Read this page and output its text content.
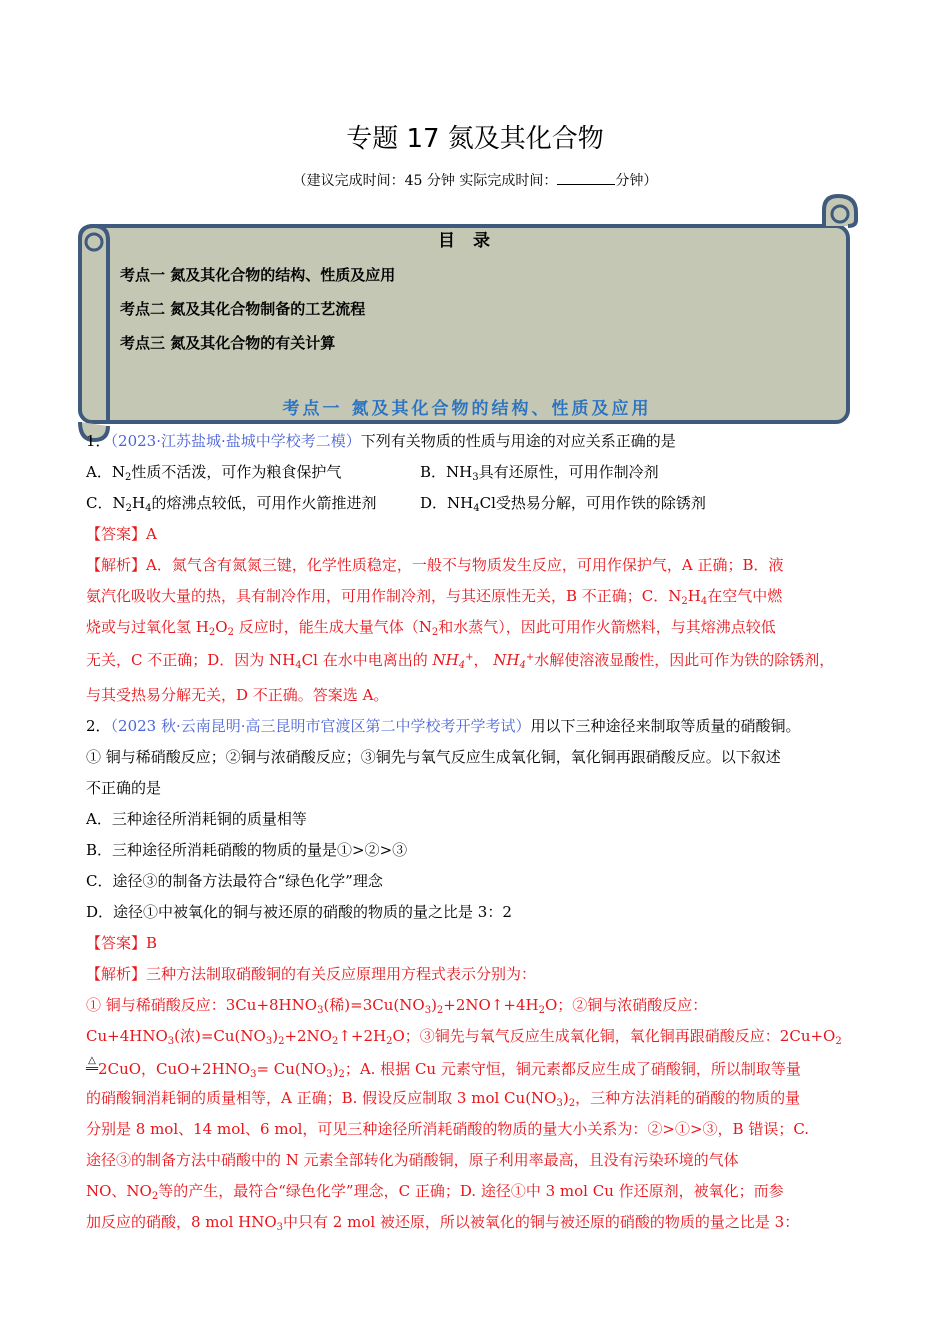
专题 17 氮及其化合物
（建议完成时间：45 分钟 实际完成时间：	分钟）
目 录
考点一 氮及其化合物的结构、性质及应用
考点二 氮及其化合物制备的工艺流程
考点三 氮及其化合物的有关计算
考点一 氮及其化合物的结构、性质及应用
1．（2023·江苏盐城·盐城中学校考二模）下列有关物质的性质与用途的对应关系正确的是
A．$N_2$性质不活泼，可作为粮食保护气	B．$NH_3$具有还原性，可用作制冷剂
C．$N_2H_4$的熔沸点较低，可用作火箭推进剂	D．$NH_4Cl$受热易分解，可用作铁的除锈剂
【答案】A
【解析】A．氮气含有氮氮三键，化学性质稳定，一般不与物质发生反应，可用作保护气，A 正确；B．液
氨汽化吸收大量的热，具有制冷作用，可用作制冷剂，与其还原性无关，B 不正确；C．$N_2H_4$在空气中燃
烧或与过氧化氢 $H_2O_2$ 反应时，能生成大量气体（$N_2$和水蒸气），因此可用作火箭燃料，与其熔沸点较低
无关，C 不正确；D．因为 $NH_4Cl$ 在水中电离出的 $NH_4^+$， $NH_4^+$水解使溶液显酸性，因此可作为铁的除锈剂，
与其受热易分解无关，D 不正确。答案选 A。
2．（2023 秋·云南昆明·高三昆明市官渡区第二中学校考开学考试）用以下三种途径来制取等质量的硝酸铜。
① 铜与稀硝酸反应；②铜与浓硝酸反应；③铜先与氧气反应生成氧化铜，氧化铜再跟硝酸反应。以下叙述
不正确的是
A．三种途径所消耗铜的质量相等
B．三种途径所消耗硝酸的物质的量是①>②>③
C．途径③的制备方法最符合“绿色化学”理念
D．途径①中被氧化的铜与被还原的硝酸的物质的量之比是 3：2
【答案】B
【解析】三种方法制取硝酸铜的有关反应原理用方程式表示分别为：
① 铜与稀硝酸反应：$3Cu+8HNO_3$(稀)$=3Cu(NO_3)_2+2NO↑+4H_2O$；②铜与浓硝酸反应：
$Cu+4HNO_3$(浓)$=Cu(NO_3)_2+2NO_2↑+2H_2O$；③铜先与氧气反应生成氧化铜，氧化铜再跟硝酸反应：$2Cu+O_2$
△
══ 2CuO，$CuO+2HNO_3= Cu(NO_3)_2$；A. 根据 Cu 元素守恒，铜元素都反应生成了硝酸铜，所以制取等量
的硝酸铜消耗铜的质量相等，A 正确；B. 假设反应制取 3 mol $Cu(NO_3)_2$，三种方法消耗的硝酸的物质的量
分别是 8 mol、14 mol、6 mol，可见三种途径所消耗硝酸的物质的量大小关系为：②>①>③，B 错误；C.
途径③的制备方法中硝酸中的 N 元素全部转化为硝酸铜，原子利用率最高，且没有污染环境的气体
NO、$NO_2$等的产生，最符合“绿色化学”理念，C 正确；D. 途径①中 3 mol Cu 作还原剂，被氧化；而参
加反应的硝酸，8 mol $HNO_3$中只有 2 mol 被还原，所以被氧化的铜与被还原的硝酸的物质的量之比是 3：
